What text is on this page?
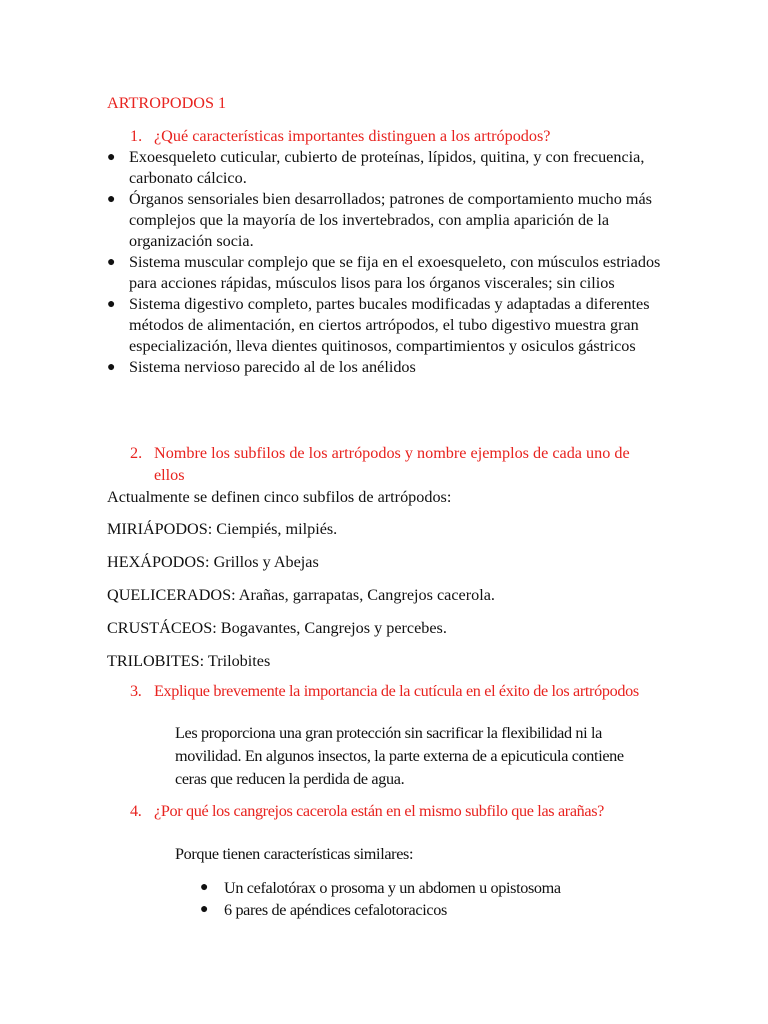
ARTROPODOS 1
1. ¿Qué características importantes distinguen a los artrópodos?
● Exoesqueleto cuticular, cubierto de proteínas, lípidos, quitina, y con frecuencia, carbonato cálcico.
● Órganos sensoriales bien desarrollados; patrones de comportamiento mucho más complejos que la mayoría de los invertebrados, con amplia aparición de la organización socia.
● Sistema muscular complejo que se fija en el exoesqueleto, con músculos estriados para acciones rápidas, músculos lisos para los órganos viscerales; sin cilios
● Sistema digestivo completo, partes bucales modificadas y adaptadas a diferentes métodos de alimentación, en ciertos artrópodos, el tubo digestivo muestra gran especialización, lleva dientes quitinosos, compartimientos y osiculos gástricos
● Sistema nervioso parecido al de los anélidos
2. Nombre los subfilos de los artrópodos y nombre ejemplos de cada uno de ellos
Actualmente se definen cinco subfilos de artrópodos:
MIRIÁPODOS: Ciempiés, milpiés.
HEXÁPODOS: Grillos y Abejas
QUELICERADOS: Arañas, garrapatas, Cangrejos cacerola.
CRUSTÁCEOS: Bogavantes, Cangrejos y percebes.
TRILOBITES: Trilobites
3. Explique brevemente la importancia de la cutícula en el éxito de los artrópodos
Les proporciona una gran protección sin sacrificar la flexibilidad ni la movilidad. En algunos insectos, la parte externa de a epicuticula contiene ceras que reducen la perdida de agua.
4. ¿Por qué los cangrejos cacerola están en el mismo subfilo que las arañas?
Porque tienen características similares:
● Un cefalotórax o prosoma y un abdomen u opistosoma
● 6 pares de apéndices cefalotoracicos
